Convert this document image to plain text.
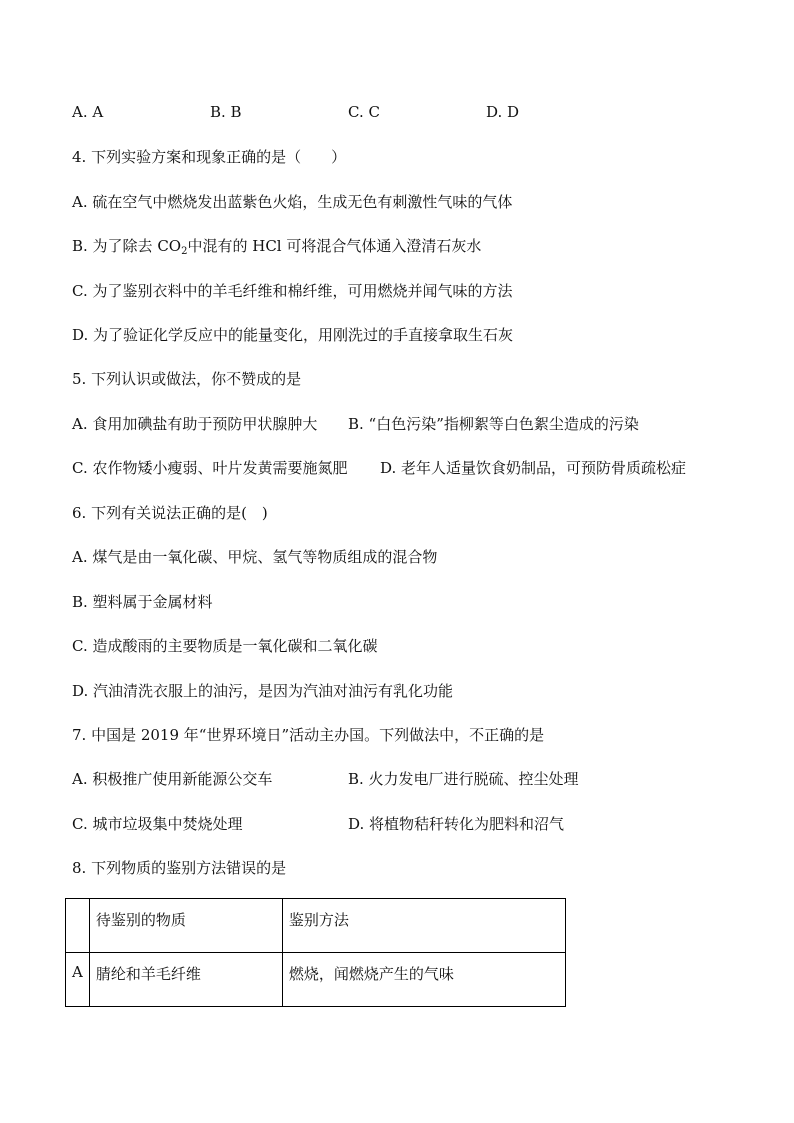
A. A	B. B	C. C	D. D
4. 下列实验方案和现象正确的是（　　）
A. 硫在空气中燃烧发出蓝紫色火焰，生成无色有刺激性气味的气体
B. 为了除去 $CO_2$中混有的 HCl 可将混合气体通入澄清石灰水
C. 为了鉴别衣料中的羊毛纤维和棉纤维，可用燃烧并闻气味的方法
D. 为了验证化学反应中的能量变化，用刚洗过的手直接拿取生石灰
5. 下列认识或做法，你不赞成的是
A. 食用加碘盐有助于预防甲状腺肿大 B. “白色污染”指柳絮等白色絮尘造成的污染
C. 农作物矮小瘦弱、叶片发黄需要施氮肥 D. 老年人适量饮食奶制品，可预防骨质疏松症
6. 下列有关说法正确的是(　)
A. 煤气是由一氧化碳、甲烷、氢气等物质组成的混合物
B. 塑料属于金属材料
C. 造成酸雨的主要物质是一氧化碳和二氧化碳
D. 汽油清洗衣服上的油污，是因为汽油对油污有乳化功能
7. 中国是 2019 年“世界环境日”活动主办国。下列做法中，不正确的是
A. 积极推广使用新能源公交车	B. 火力发电厂进行脱硫、控尘处理
C. 城市垃圾集中焚烧处理	D. 将植物秸秆转化为肥料和沼气
8. 下列物质的鉴别方法错误的是
	待鉴别的物质	鉴别方法
A	腈纶和羊毛纤维	燃烧，闻燃烧产生的气味
